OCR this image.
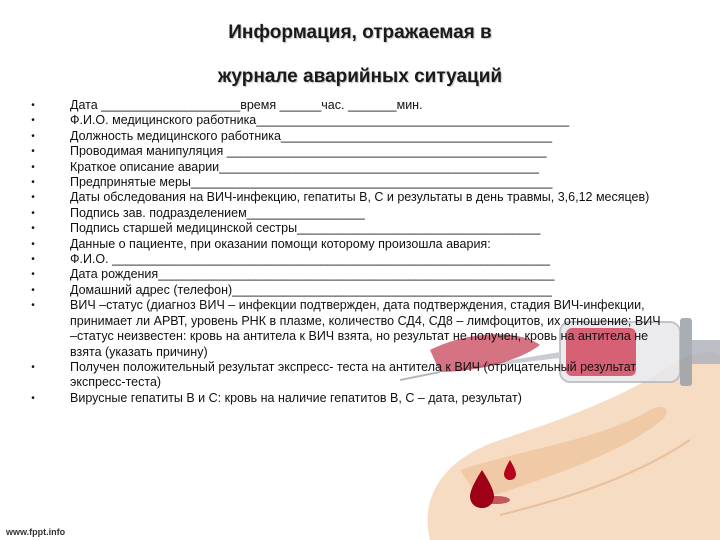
Информация, отражаемая в
журнале аварийных ситуаций
•	Дата ____________________время ______час. _______мин.
•	Ф.И.О. медицинского работника_____________________________________________
•	Должность медицинского работника_______________________________________
•	Проводимая манипуляция ______________________________________________
•	Краткое описание аварии______________________________________________
•	Предпринятые меры____________________________________________________
•	Даты обследования на ВИЧ-инфекцию, гепатиты В, С и результаты в день травмы, 3,6,12 месяцев)
•	Подпись зав. подразделением_________________
•	Подпись старшей медицинской сестры___________________________________
•	Данные о пациенте, при оказании помощи которому произошла авария:
•	Ф.И.О. _______________________________________________________________
•	Дата рождения_________________________________________________________
•	Домашний адрес (телефон)______________________________________________
•	ВИЧ –статус (диагноз ВИЧ – инфекции подтвержден, дата подтверждения, стадия ВИЧ-инфекции, принимает ли АРВТ, уровень РНК в плазме, количество СД4, СД8 – лимфоцитов, их отношение; ВИЧ –статус неизвестен: кровь на антитела к ВИЧ взята, но результат не получен, кровь на антитела не взята (указать причину)
•	Получен положительный результат экспресс- теста на антитела к ВИЧ (отрицательный результат экспресс-теста)
•	Вирусные гепатиты В и С: кровь на наличие гепатитов В, С – дата, результат)
www.fppt.info
